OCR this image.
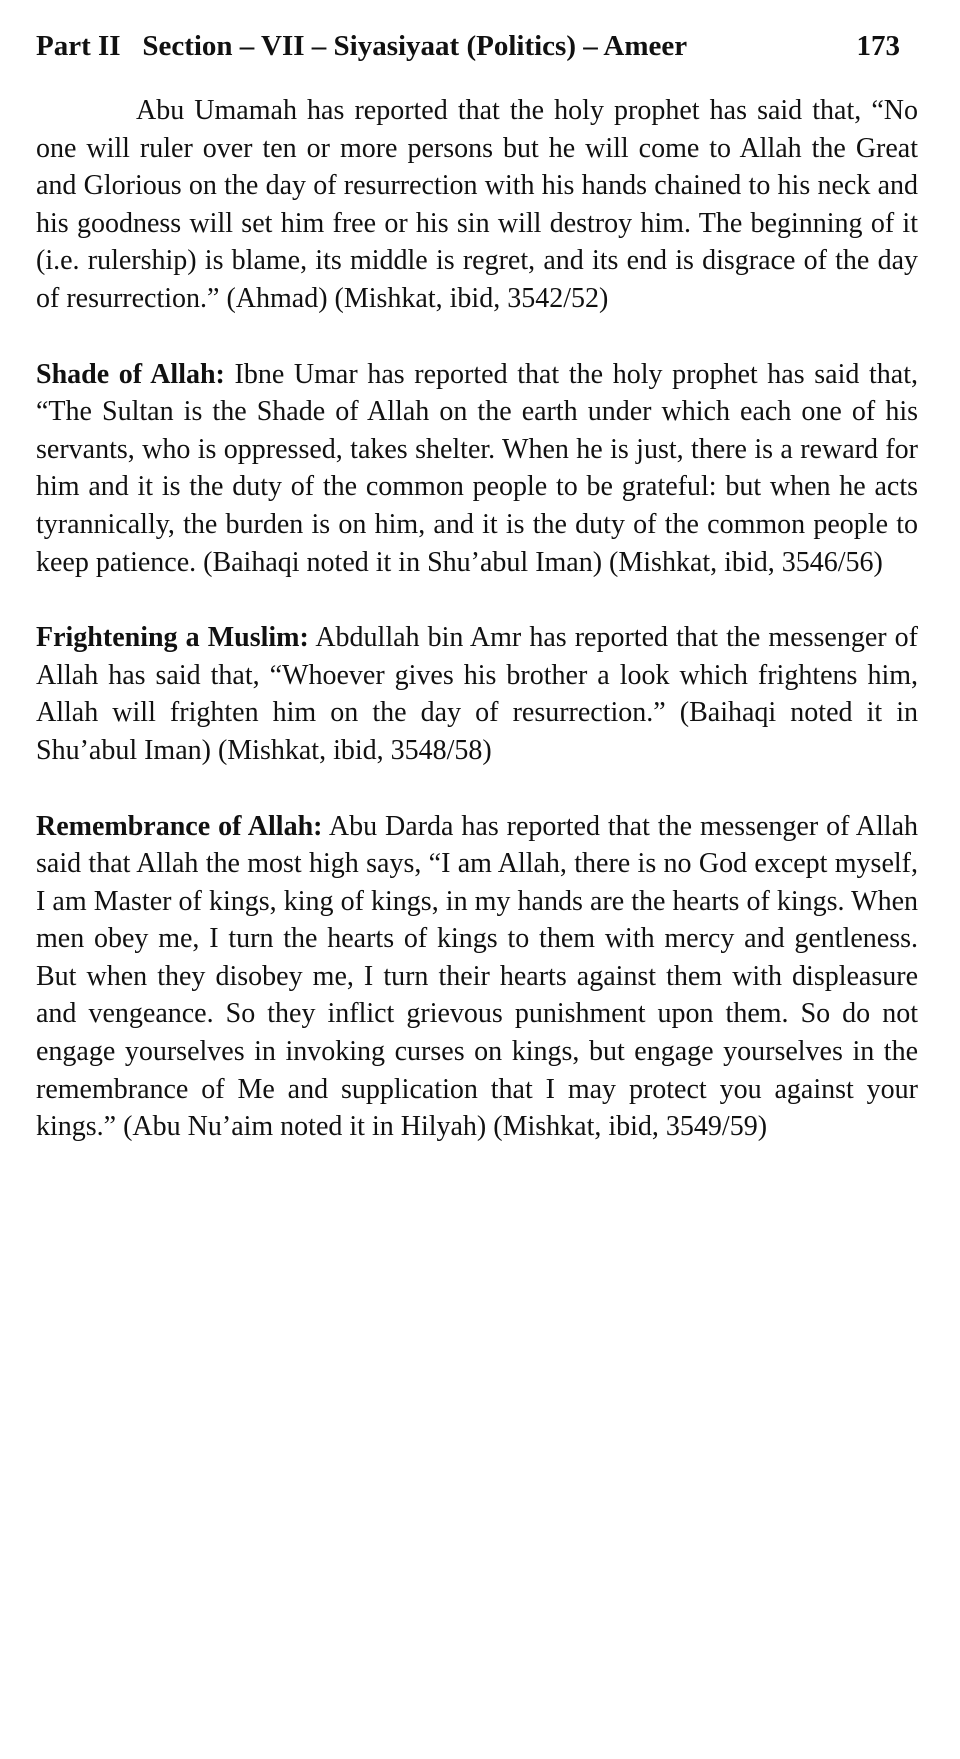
Part II Section – VII – Siyasiyaat (Politics) – Ameer	173

Abu Umamah has reported that the holy prophet has said that, “No one will ruler over ten or more persons but he will come to Allah the Great and Glorious on the day of resurrection with his hands chained to his neck and his goodness will set him free or his sin will destroy him. The beginning of it (i.e. rulership) is blame, its middle is regret, and its end is disgrace of the day of resurrection.” (Ahmad) (Mishkat, ibid, 3542/52)

Shade of Allah: Ibne Umar has reported that the holy prophet has said that, “The Sultan is the Shade of Allah on the earth under which each one of his servants, who is oppressed, takes shelter. When he is just, there is a reward for him and it is the duty of the common people to be grateful: but when he acts tyrannically, the burden is on him, and it is the duty of the common people to keep patience. (Baihaqi noted it in Shu’abul Iman) (Mishkat, ibid, 3546/56)

Frightening a Muslim: Abdullah bin Amr has reported that the messenger of Allah has said that, “Whoever gives his brother a look which frightens him, Allah will frighten him on the day of resurrection.” (Baihaqi noted it in Shu’abul Iman) (Mishkat, ibid, 3548/58)

Remembrance of Allah: Abu Darda has reported that the messenger of Allah said that Allah the most high says, “I am Allah, there is no God except myself, I am Master of kings, king of kings, in my hands are the hearts of kings. When men obey me, I turn the hearts of kings to them with mercy and gentleness. But when they disobey me, I turn their hearts against them with displeasure and vengeance. So they inflict grievous punishment upon them. So do not engage yourselves in invoking curses on kings, but engage yourselves in the remembrance of Me and supplication that I may protect you against your kings.” (Abu Nu’aim noted it in Hilyah) (Mishkat, ibid, 3549/59)
